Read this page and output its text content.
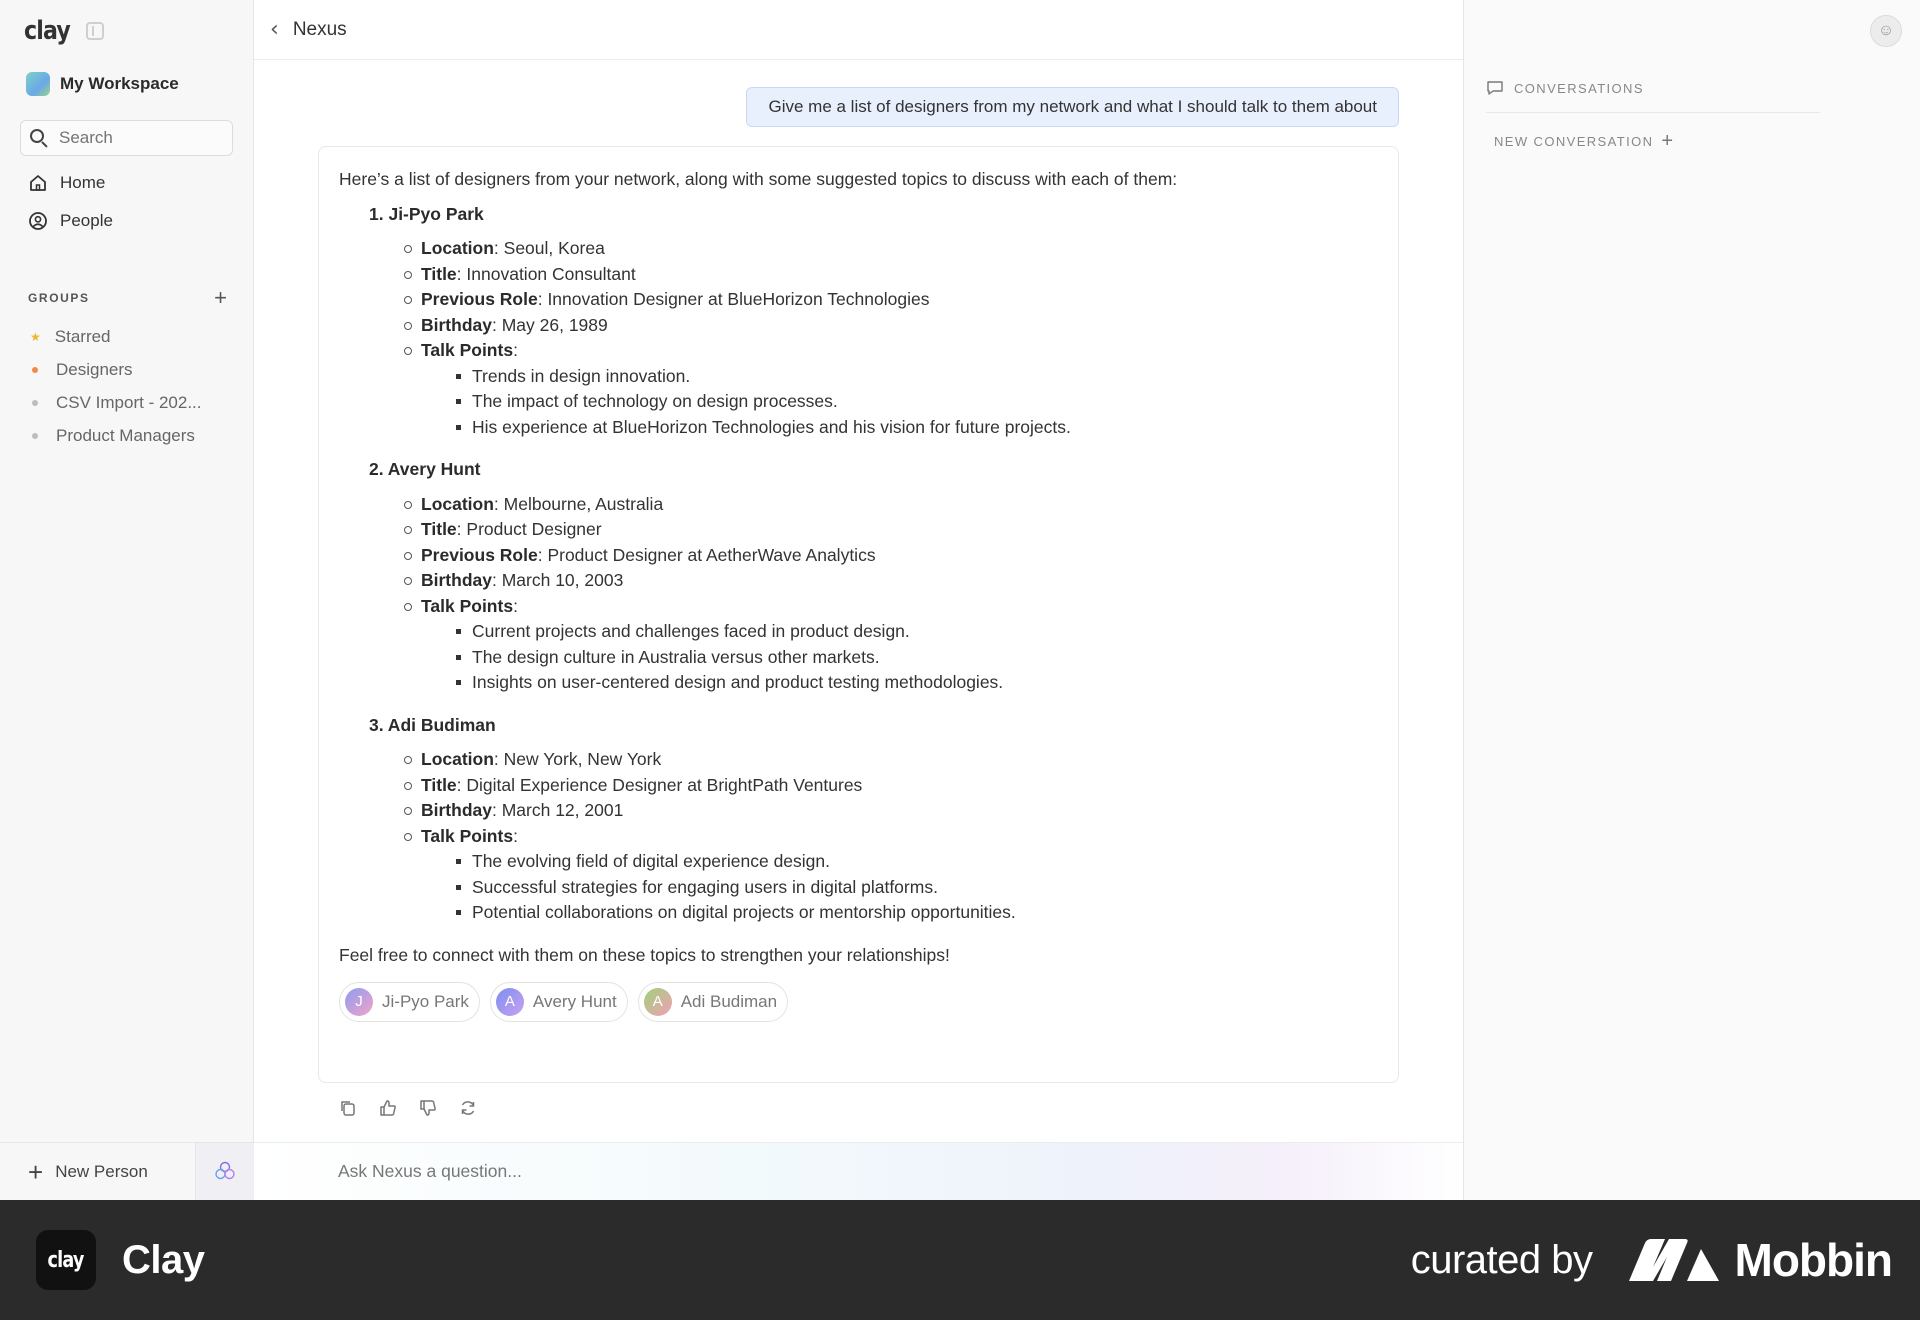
clay
My Workspace
Search
Home
People
GROUPS	+
★ Starred
Designers
CSV Import - 202...
Product Managers
+ New Person
‹ Nexus
Give me a list of designers from my network and what I should talk to them about
Here’s a list of designers from your network, along with some suggested topics to discuss with each of them:
1. Ji-Pyo Park
Location: Seoul, Korea
Title: Innovation Consultant
Previous Role: Innovation Designer at BlueHorizon Technologies
Birthday: May 26, 1989
Talk Points:
Trends in design innovation.
The impact of technology on design processes.
His experience at BlueHorizon Technologies and his vision for future projects.
2. Avery Hunt
Location: Melbourne, Australia
Title: Product Designer
Previous Role: Product Designer at AetherWave Analytics
Birthday: March 10, 2003
Talk Points:
Current projects and challenges faced in product design.
The design culture in Australia versus other markets.
Insights on user-centered design and product testing methodologies.
3. Adi Budiman
Location: New York, New York
Title: Digital Experience Designer at BrightPath Ventures
Birthday: March 12, 2001
Talk Points:
The evolving field of digital experience design.
Successful strategies for engaging users in digital platforms.
Potential collaborations on digital projects or mentorship opportunities.
Feel free to connect with them on these topics to strengthen your relationships!
J	Ji-Pyo Park	A	Avery Hunt	A	Adi Budiman
Ask Nexus a question...
☺
CONVERSATIONS
NEW CONVERSATION +
clay Clay	curated by	Mobbin
